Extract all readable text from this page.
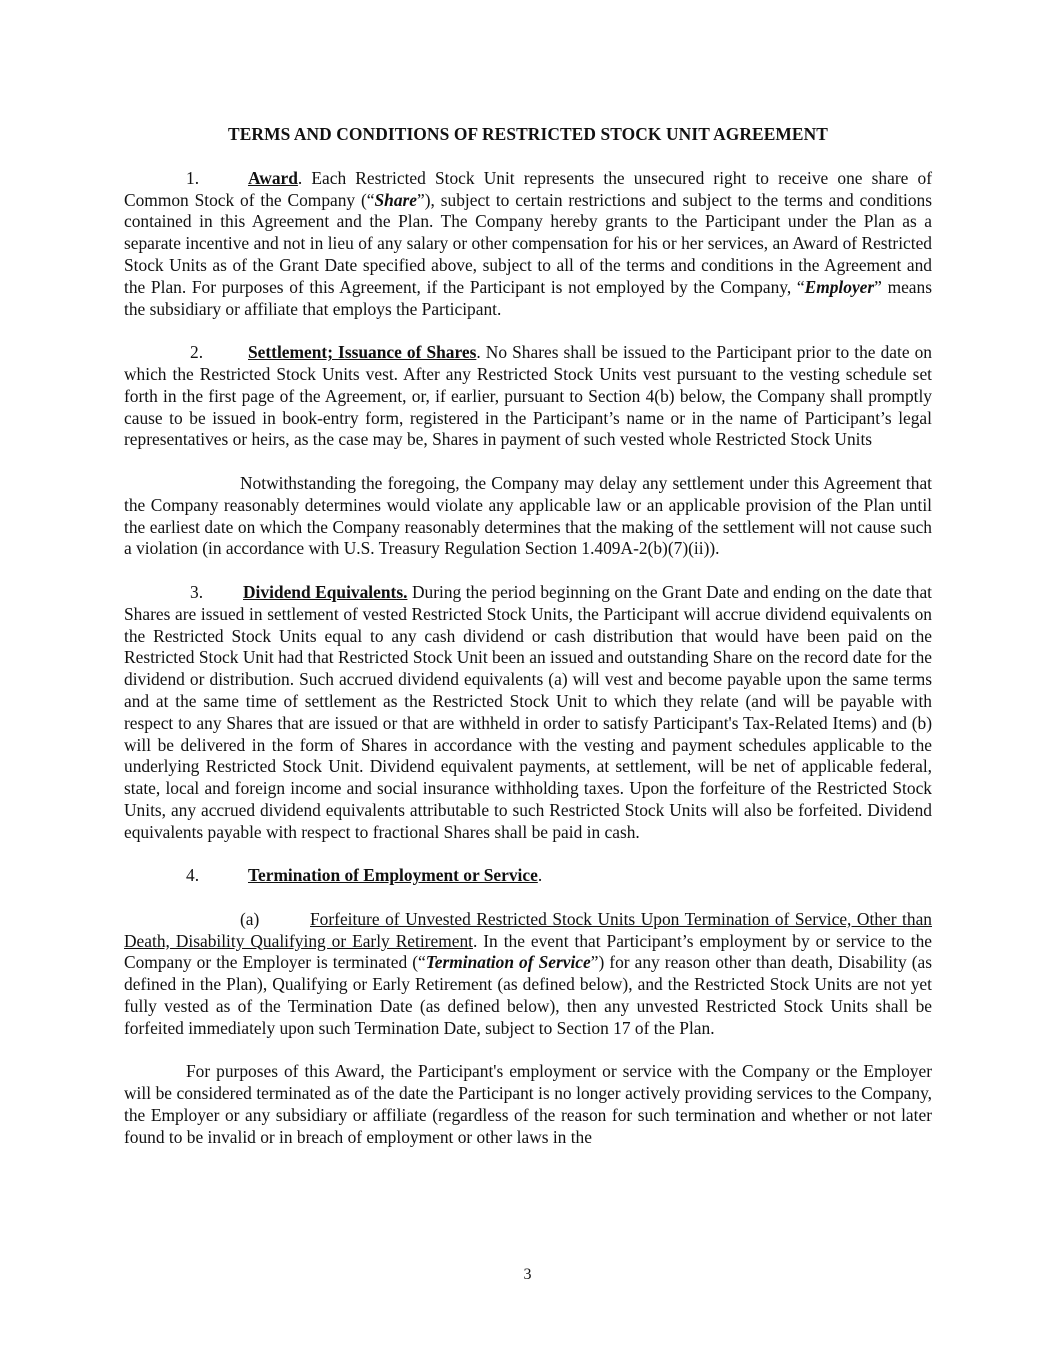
TERMS AND CONDITIONS OF RESTRICTED STOCK UNIT AGREEMENT

1.	Award. Each Restricted Stock Unit represents the unsecured right to receive one share of Common Stock of the Company (“Share”), subject to certain restrictions and subject to the terms and conditions contained in this Agreement and the Plan. The Company hereby grants to the Participant under the Plan as a separate incentive and not in lieu of any salary or other compensation for his or her services, an Award of Restricted Stock Units as of the Grant Date specified above, subject to all of the terms and conditions in the Agreement and the Plan. For purposes of this Agreement, if the Participant is not employed by the Company, “Employer” means the subsidiary or affiliate that employs the Participant.

2.	Settlement; Issuance of Shares. No Shares shall be issued to the Participant prior to the date on which the Restricted Stock Units vest. After any Restricted Stock Units vest pursuant to the vesting schedule set forth in the first page of the Agreement, or, if earlier, pursuant to Section 4(b) below, the Company shall promptly cause to be issued in book-entry form, registered in the Participant’s name or in the name of Participant’s legal representatives or heirs, as the case may be, Shares in payment of such vested whole Restricted Stock Units

Notwithstanding the foregoing, the Company may delay any settlement under this Agreement that the Company reasonably determines would violate any applicable law or an applicable provision of the Plan until the earliest date on which the Company reasonably determines that the making of the settlement will not cause such a violation (in accordance with U.S. Treasury Regulation Section 1.409A-2(b)(7)(ii)).

3. Dividend Equivalents. During the period beginning on the Grant Date and ending on the date that Shares are issued in settlement of vested Restricted Stock Units, the Participant will accrue dividend equivalents on the Restricted Stock Units equal to any cash dividend or cash distribution that would have been paid on the Restricted Stock Unit had that Restricted Stock Unit been an issued and outstanding Share on the record date for the dividend or distribution. Such accrued dividend equivalents (a) will vest and become payable upon the same terms and at the same time of settlement as the Restricted Stock Unit to which they relate (and will be payable with respect to any Shares that are issued or that are withheld in order to satisfy Participant's Tax-Related Items) and (b) will be delivered in the form of Shares in accordance with the vesting and payment schedules applicable to the underlying Restricted Stock Unit. Dividend equivalent payments, at settlement, will be net of applicable federal, state, local and foreign income and social insurance withholding taxes. Upon the forfeiture of the Restricted Stock Units, any accrued dividend equivalents attributable to such Restricted Stock Units will also be forfeited. Dividend equivalents payable with respect to fractional Shares shall be paid in cash.

4.	Termination of Employment or Service.

(a)	Forfeiture of Unvested Restricted Stock Units Upon Termination of Service, Other than Death, Disability Qualifying or Early Retirement. In the event that Participant’s employment by or service to the Company or the Employer is terminated (“Termination of Service”) for any reason other than death, Disability (as defined in the Plan), Qualifying or Early Retirement (as defined below), and the Restricted Stock Units are not yet fully vested as of the Termination Date (as defined below), then any unvested Restricted Stock Units shall be forfeited immediately upon such Termination Date, subject to Section 17 of the Plan.

For purposes of this Award, the Participant's employment or service with the Company or the Employer will be considered terminated as of the date the Participant is no longer actively providing services to the Company, the Employer or any subsidiary or affiliate (regardless of the reason for such termination and whether or not later found to be invalid or in breach of employment or other laws in the

3
